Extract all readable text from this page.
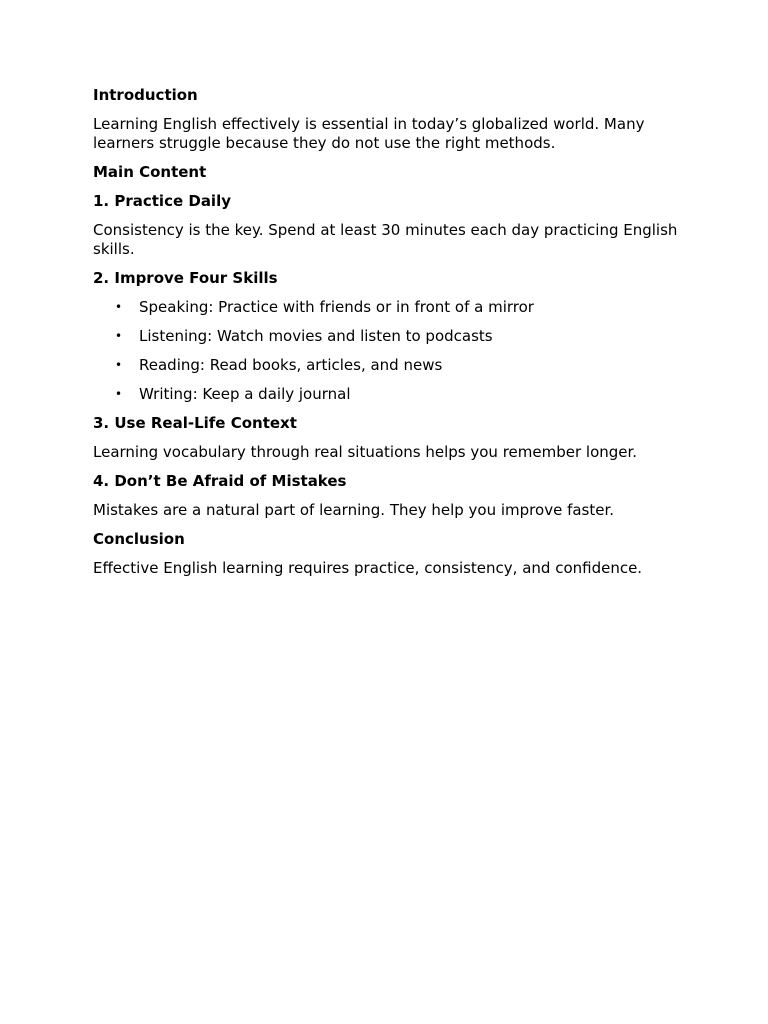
Introduction

Learning English effectively is essential in today’s globalized world. Many learners struggle because they do not use the right methods.

Main Content

1. Practice Daily

Consistency is the key. Spend at least 30 minutes each day practicing English skills.

2. Improve Four Skills

• Speaking: Practice with friends or in front of a mirror
• Listening: Watch movies and listen to podcasts
• Reading: Read books, articles, and news
• Writing: Keep a daily journal

3. Use Real-Life Context

Learning vocabulary through real situations helps you remember longer.

4. Don’t Be Afraid of Mistakes

Mistakes are a natural part of learning. They help you improve faster.

Conclusion

Effective English learning requires practice, consistency, and confidence.
